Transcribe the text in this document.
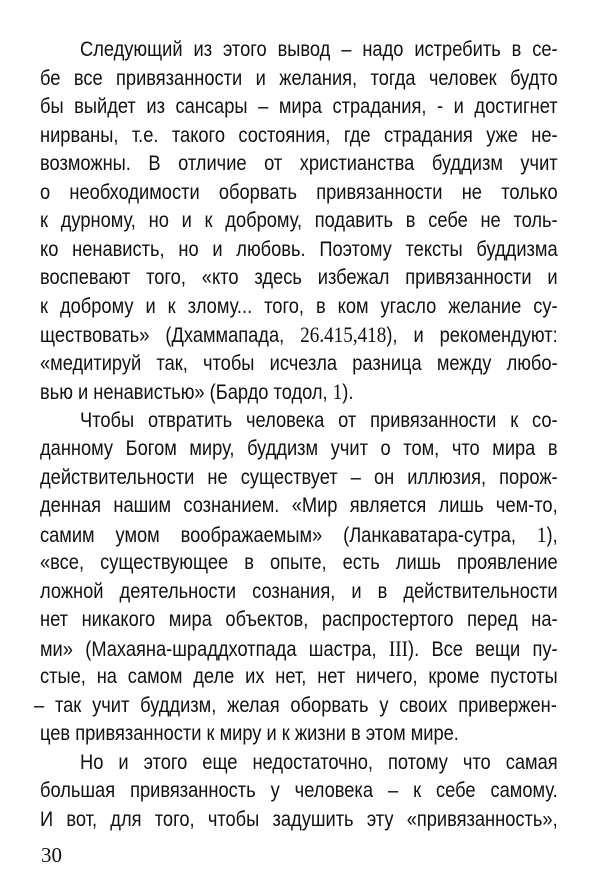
Следующий из этого вывод – надо истребить в се-
бе все привязанности и желания, тогда человек будто
бы выйдет из сансары – мира страдания, - и достигнет
нирваны, т.е. такого состояния, где страдания уже не-
возможны. В отличие от христианства буддизм учит
о необходимости оборвать привязанности не только
к дурному, но и к доброму, подавить в себе не толь-
ко ненависть, но и любовь. Поэтому тексты буддизма
воспевают того, «кто здесь избежал привязанности и
к доброму и к злому... того, в ком угасло желание су-
ществовать» (Дхаммапада, 26.415,418), и рекомендуют:
«медитируй так, чтобы исчезла разница между любо-
вью и ненавистью» (Бардо тодол, 1).
Чтобы отвратить человека от привязанности к со-
данному Богом миру, буддизм учит о том, что мира в
действительности не существует – он иллюзия, порож-
денная нашим сознанием. «Мир является лишь чем-то,
самим умом воображаемым» (Ланкаватара-сутра, 1),
«все, существующее в опыте, есть лишь проявление
ложной деятельности сознания, и в действительности
нет никакого мира объектов, распростертого перед на-
ми» (Махаяна-шраддхотпада шастра, III). Все вещи пу-
стые, на самом деле их нет, нет ничего, кроме пустоты
– так учит буддизм, желая оборвать у своих привержен-
цев привязанности к миру и к жизни в этом мире.
Но и этого еще недостаточно, потому что самая
большая привязанность у человека – к себе самому.
И вот, для того, чтобы задушить эту «привязанность»,
30
